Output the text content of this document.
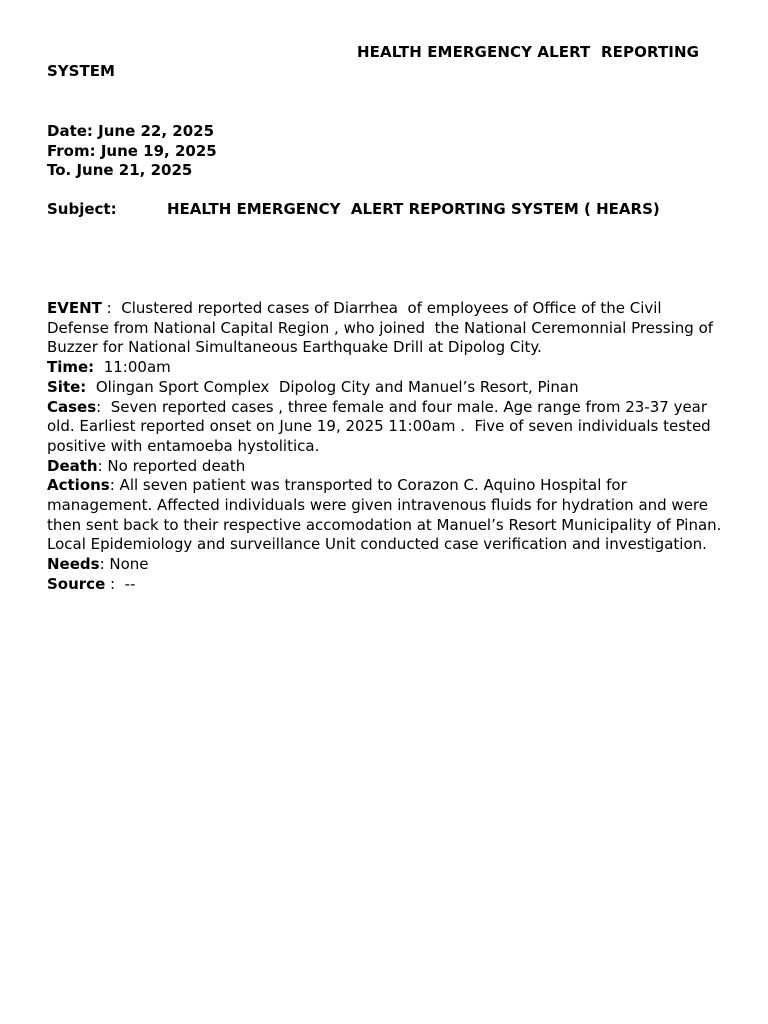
HEALTH EMERGENCY ALERT  REPORTING
SYSTEM
Date: June 22, 2025
From: June 19, 2025
To. June 21, 2025
Subject:	HEALTH EMERGENCY  ALERT REPORTING SYSTEM ( HEARS)

EVENT :  Clustered reported cases of Diarrhea  of employees of Office of the Civil Defense from National Capital Region , who joined  the National Ceremonnial Pressing of Buzzer for National Simultaneous Earthquake Drill at Dipolog City.

Time:  11:00am

Site:  Olingan Sport Complex  Dipolog City and Manuel’s Resort, Pinan

Cases:  Seven reported cases , three female and four male. Age range from 23-37 year old. Earliest reported onset on June 19, 2025 11:00am .  Five of seven individuals tested positive with entamoeba hystolitica.

Death: No reported death

Actions: All seven patient was transported to Corazon C. Aquino Hospital for management. Affected individuals were given intravenous fluids for hydration and were then sent back to their respective accomodation at Manuel’s Resort Municipality of Pinan. Local Epidemiology and surveillance Unit conducted case verification and investigation.

Needs: None

Source :  --
